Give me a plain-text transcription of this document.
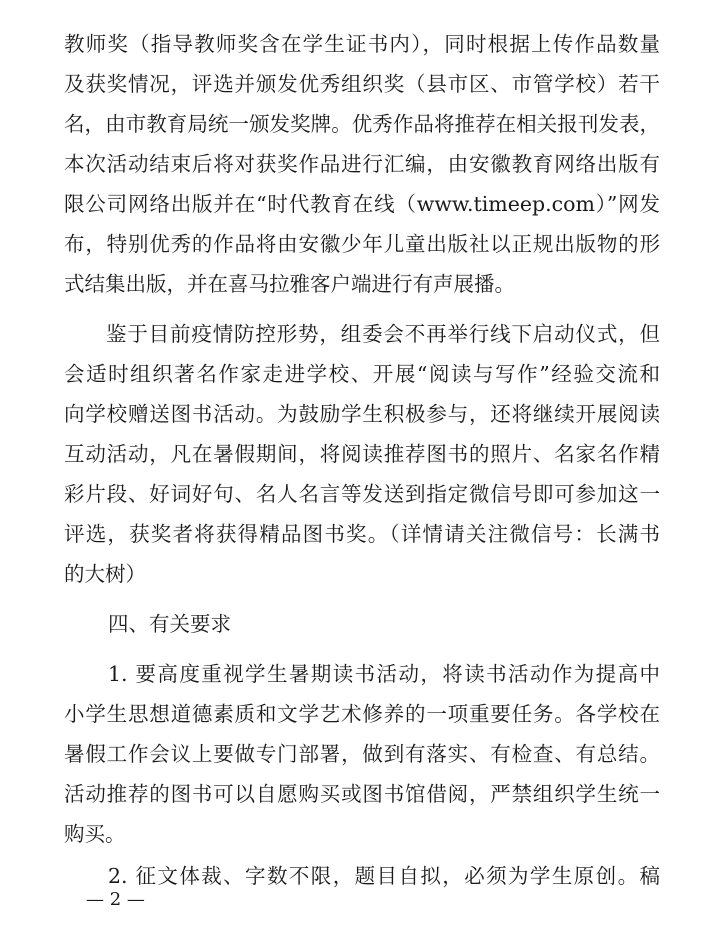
教师奖（指导教师奖含在学生证书内），同时根据上传作品数量
及获奖情况，评选并颁发优秀组织奖（县市区、市管学校）若干
名，由市教育局统一颁发奖牌。优秀作品将推荐在相关报刊发表，
本次活动结束后将对获奖作品进行汇编，由安徽教育网络出版有
限公司网络出版并在“时代教育在线（www.timeep.com）”网发
布，特别优秀的作品将由安徽少年儿童出版社以正规出版物的形
式结集出版，并在喜马拉雅客户端进行有声展播。
鉴于目前疫情防控形势，组委会不再举行线下启动仪式，但
会适时组织著名作家走进学校、开展“阅读与写作”经验交流和
向学校赠送图书活动。为鼓励学生积极参与，还将继续开展阅读
互动活动，凡在暑假期间，将阅读推荐图书的照片、名家名作精
彩片段、好词好句、名人名言等发送到指定微信号即可参加这一
评选，获奖者将获得精品图书奖。（详情请关注微信号：长满书
的大树）
四、有关要求
1. 要高度重视学生暑期读书活动，将读书活动作为提高中
小学生思想道德素质和文学艺术修养的一项重要任务。各学校在
暑假工作会议上要做专门部署，做到有落实、有检查、有总结。
活动推荐的图书可以自愿购买或图书馆借阅，严禁组织学生统一
购买。
2. 征文体裁、字数不限，题目自拟，必须为学生原创。稿
— 2 —
